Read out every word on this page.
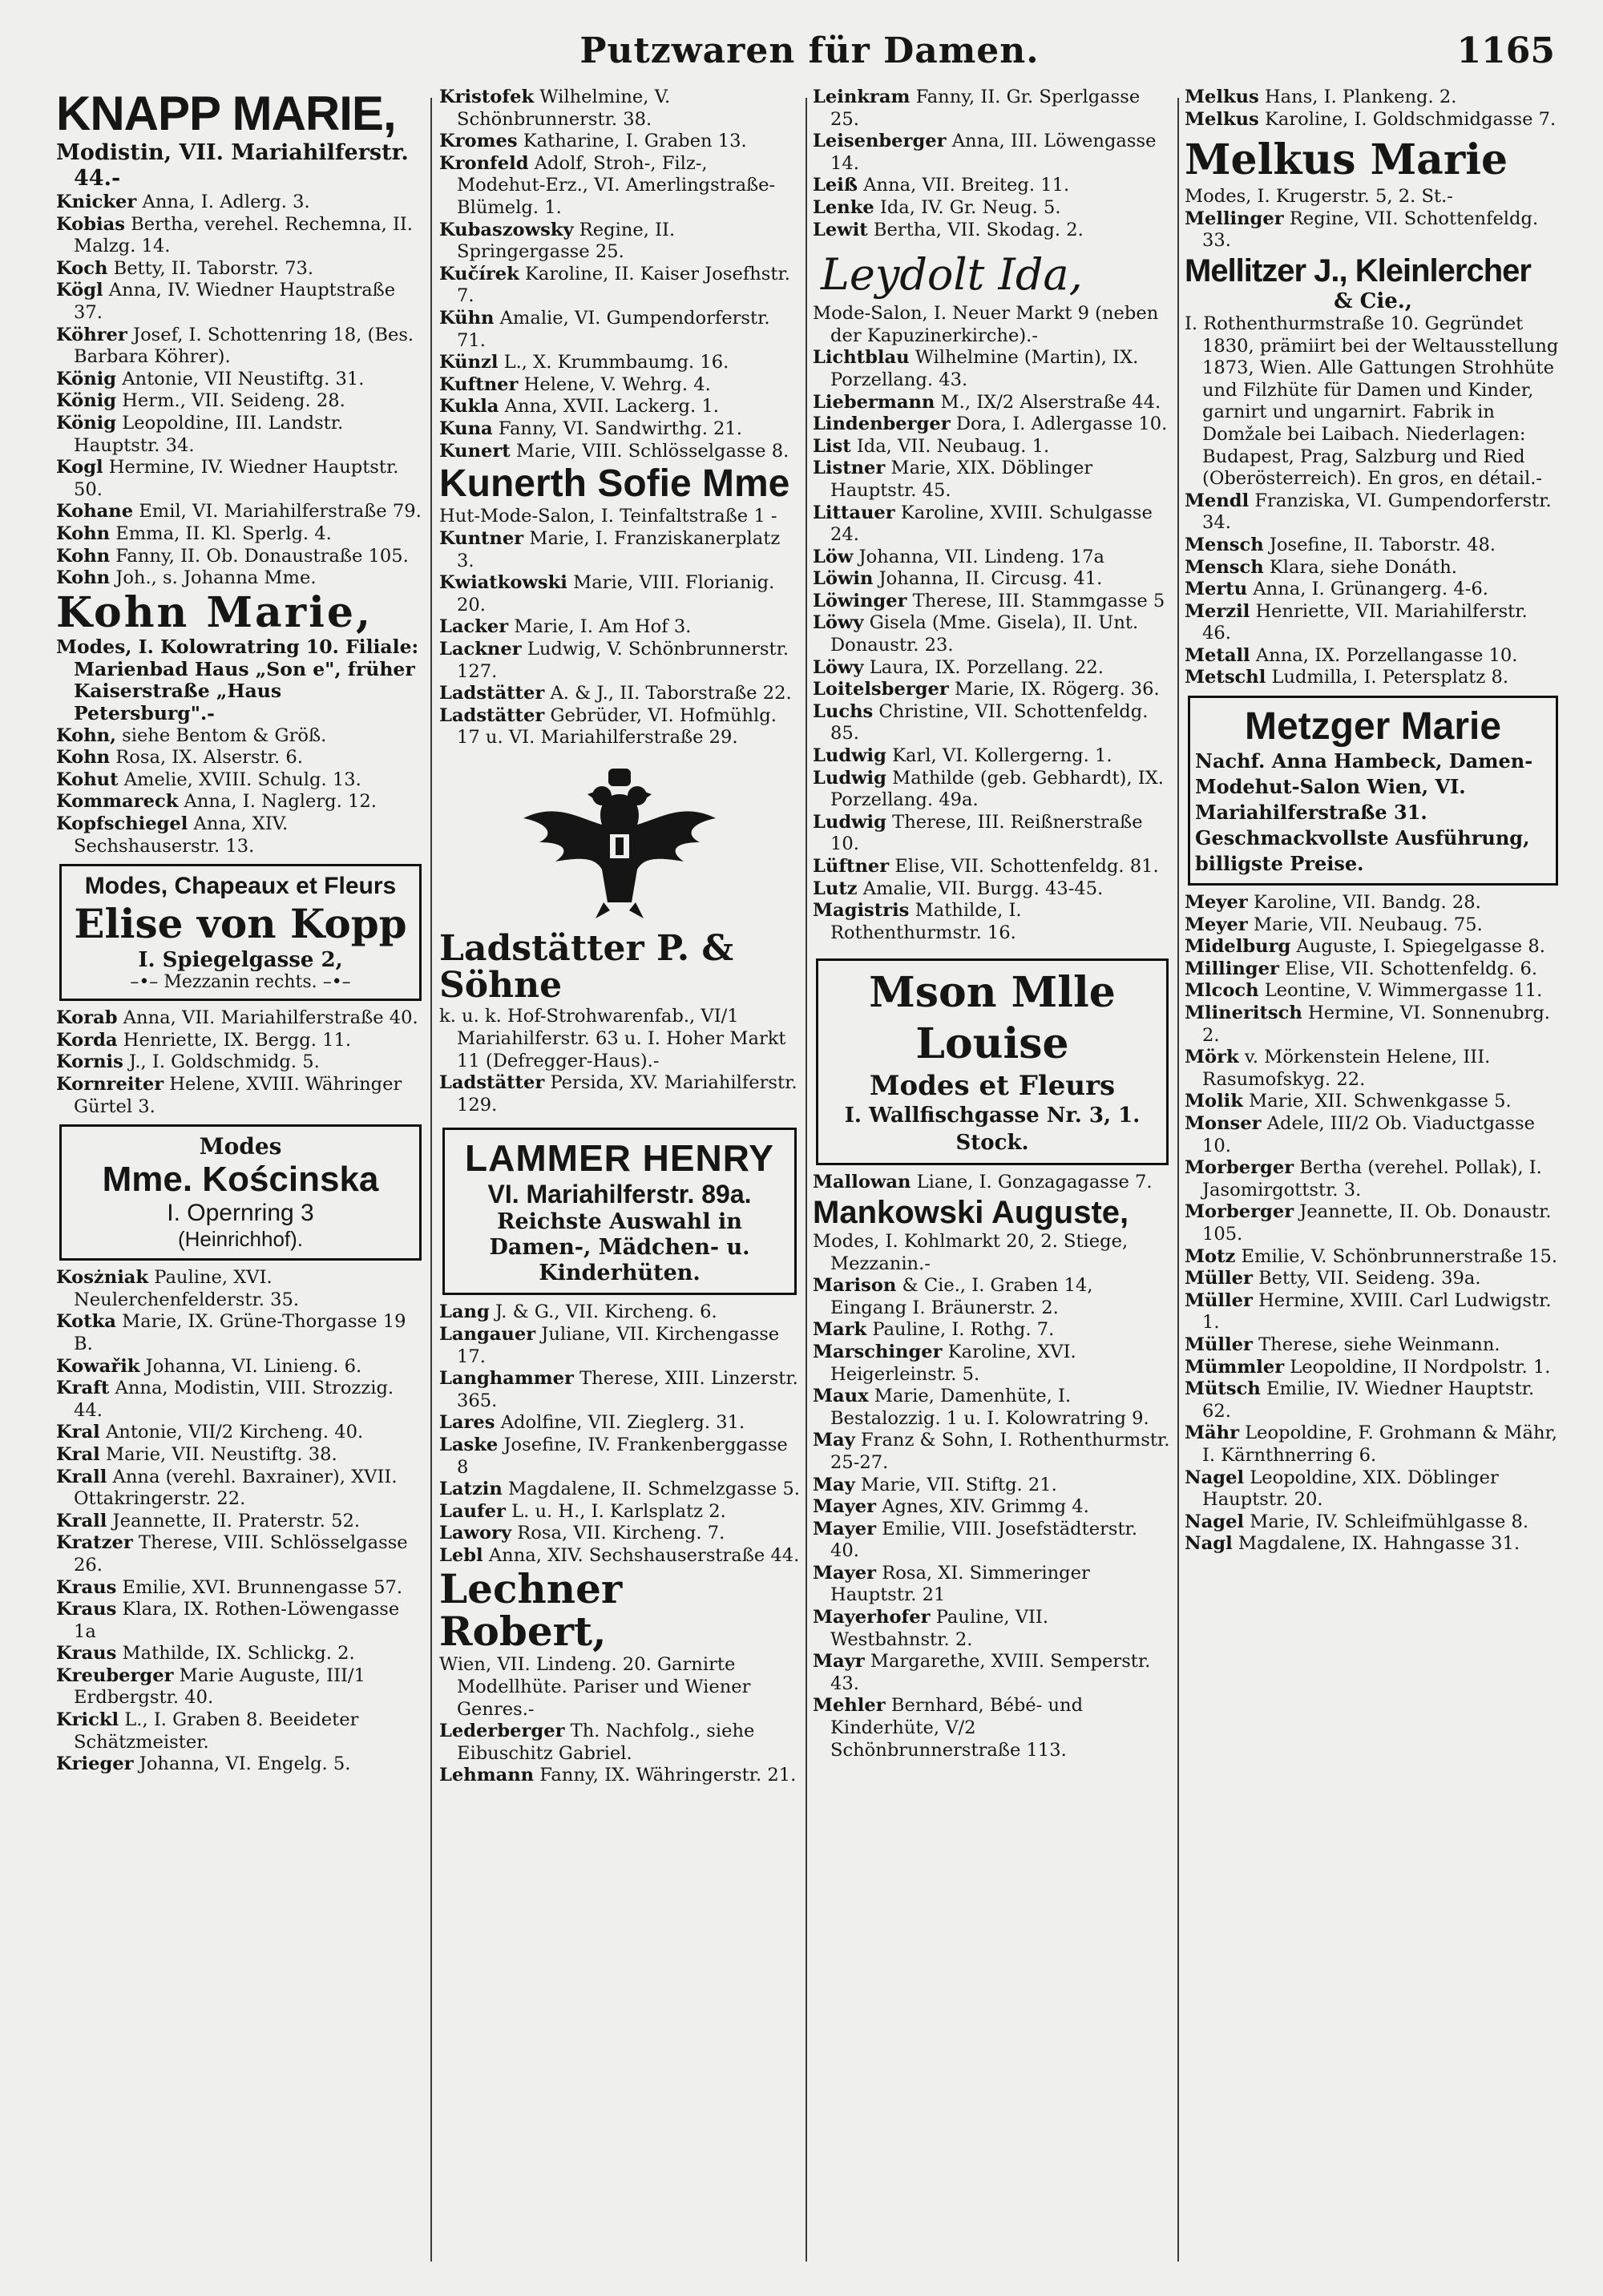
Putzwaren für Damen.	1165
KNAPP MARIE,
Modistin, VII. Mariahilferstr. 44.-
Knicker Anna, I. Adlerg. 3.
Kobias Bertha, verehel. Rechemna, II. Malzg. 14.
Koch Betty, II. Taborstr. 73.
Kögl Anna, IV. Wiedner Hauptstraße 37.
Köhrer Josef, I. Schottenring 18, (Bes. Barbara Köhrer).
König Antonie, VII Neustiftg. 31.
König Herm., VII. Seideng. 28.
König Leopoldine, III. Landstr. Hauptstr. 34.
Kogl Hermine, IV. Wiedner Hauptstr. 50.
Kohane Emil, VI. Mariahilferstraße 79.
Kohn Emma, II. Kl. Sperlg. 4.
Kohn Fanny, II. Ob. Donaustraße 105.
Kohn Joh., s. Johanna Mme.
Kohn Marie,
Modes, I. Kolowratring 10. Filiale: Marienbad Haus „Son e", früher Kaiserstraße „Haus Petersburg".-
Kohn, siehe Bentom & Größ.
Kohn Rosa, IX. Alserstr. 6.
Kohut Amelie, XVIII. Schulg. 13.
Kommareck Anna, I. Naglerg. 12.
Kopfschiegel Anna, XIV. Sechshauserstr. 13.
Modes, Chapeaux et Fleurs
Elise von Kopp
I. Spiegelgasse 2,
–•– Mezzanin rechts. –•–
Korab Anna, VII. Mariahilferstraße 40.
Korda Henriette, IX. Bergg. 11.
Kornis J., I. Goldschmidg. 5.
Kornreiter Helene, XVIII. Währinger Gürtel 3.
Modes
Mme. Kościnska
I. Opernring 3
(Heinrichhof).
Kosżniak Pauline, XVI. Neulerchenfelderstr. 35.
Kotka Marie, IX. Grüne-Thorgasse 19 B.
Kowařik Johanna, VI. Linieng. 6.
Kraft Anna, Modistin, VIII. Strozzig. 44.
Kral Antonie, VII/2 Kircheng. 40.
Kral Marie, VII. Neustiftg. 38.
Krall Anna (verehl. Baxrainer), XVII. Ottakringerstr. 22.
Krall Jeannette, II. Praterstr. 52.
Kratzer Therese, VIII. Schlösselgasse 26.
Kraus Emilie, XVI. Brunnengasse 57.
Kraus Klara, IX. Rothen-Löwengasse 1a
Kraus Mathilde, IX. Schlickg. 2.
Kreuberger Marie Auguste, III/1 Erdbergstr. 40.
Krickl L., I. Graben 8. Beeideter Schätzmeister.
Krieger Johanna, VI. Engelg. 5.
Kristofek Wilhelmine, V. Schönbrunnerstr. 38.
Kromes Katharine, I. Graben 13.
Kronfeld Adolf, Stroh-, Filz-, Modehut-Erz., VI. Amerlingstraße-Blümelg. 1.
Kubaszowsky Regine, II. Springergasse 25.
Kučírek Karoline, II. Kaiser Josefhstr. 7.
Kühn Amalie, VI. Gumpendorferstr. 71.
Künzl L., X. Krummbaumg. 16.
Kuftner Helene, V. Wehrg. 4.
Kukla Anna, XVII. Lackerg. 1.
Kuna Fanny, VI. Sandwirthg. 21.
Kunert Marie, VIII. Schlösselgasse 8.
Kunerth Sofie Mme
Hut-Mode-Salon, I. Teinfaltstraße 1 -
Kuntner Marie, I. Franziskanerplatz 3.
Kwiatkowski Marie, VIII. Florianig. 20.
Lacker Marie, I. Am Hof 3.
Lackner Ludwig, V. Schönbrunnerstr. 127.
Ladstätter A. & J., II. Taborstraße 22.
Ladstätter Gebrüder, VI. Hofmühlg. 17 u. VI. Mariahilferstraße 29.
Ladstätter P. & Söhne
k. u. k. Hof-Strohwarenfab., VI/1 Mariahilferstr. 63 u. I. Hoher Markt 11 (Defregger-Haus).-
Ladstätter Persida, XV. Mariahilferstr. 129.
LAMMER HENRY
VI. Mariahilferstr. 89a.
Reichste Auswahl in Damen-, Mädchen- u. Kinderhüten.
Lang J. & G., VII. Kircheng. 6.
Langauer Juliane, VII. Kirchengasse 17.
Langhammer Therese, XIII. Linzerstr. 365.
Lares Adolfine, VII. Zieglerg. 31.
Laske Josefine, IV. Frankenberggasse 8
Latzin Magdalene, II. Schmelzgasse 5.
Laufer L. u. H., I. Karlsplatz 2.
Lawory Rosa, VII. Kircheng. 7.
Lebl Anna, XIV. Sechshauserstraße 44.
Lechner Robert,
Wien, VII. Lindeng. 20. Garnirte Modellhüte. Pariser und Wiener Genres.-
Lederberger Th. Nachfolg., siehe Eibuschitz Gabriel.
Lehmann Fanny, IX. Währingerstr. 21.
Leinkram Fanny, II. Gr. Sperlgasse 25.
Leisenberger Anna, III. Löwengasse 14.
Leiß Anna, VII. Breiteg. 11.
Lenke Ida, IV. Gr. Neug. 5.
Lewit Bertha, VII. Skodag. 2.
Leydolt Ida,
Mode-Salon, I. Neuer Markt 9 (neben der Kapuzinerkirche).-
Lichtblau Wilhelmine (Martin), IX. Porzellang. 43.
Liebermann M., IX/2 Alserstraße 44.
Lindenberger Dora, I. Adlergasse 10.
List Ida, VII. Neubaug. 1.
Listner Marie, XIX. Döblinger Hauptstr. 45.
Littauer Karoline, XVIII. Schulgasse 24.
Löw Johanna, VII. Lindeng. 17a
Löwin Johanna, II. Circusg. 41.
Löwinger Therese, III. Stammgasse 5
Löwy Gisela (Mme. Gisela), II. Unt. Donaustr. 23.
Löwy Laura, IX. Porzellang. 22.
Loitelsberger Marie, IX. Rögerg. 36.
Luchs Christine, VII. Schottenfeldg. 85.
Ludwig Karl, VI. Kollergerng. 1.
Ludwig Mathilde (geb. Gebhardt), IX. Porzellang. 49a.
Ludwig Therese, III. Reißnerstraße 10.
Lüftner Elise, VII. Schottenfeldg. 81.
Lutz Amalie, VII. Burgg. 43-45.
Magistris Mathilde, I. Rothenthurmstr. 16.
Mson Mlle Louise
Modes et Fleurs
I. Wallfischgasse Nr. 3, 1. Stock.
Mallowan Liane, I. Gonzagagasse 7.
Mankowski Auguste,
Modes, I. Kohlmarkt 20, 2. Stiege, Mezzanin.-
Marison & Cie., I. Graben 14, Eingang I. Bräunerstr. 2.
Mark Pauline, I. Rothg. 7.
Marschinger Karoline, XVI. Heigerleinstr. 5.
Maux Marie, Damenhüte, I. Bestalozzig. 1 u. I. Kolowratring 9.
May Franz & Sohn, I. Rothenthurmstr. 25-27.
May Marie, VII. Stiftg. 21.
Mayer Agnes, XIV. Grimmg 4.
Mayer Emilie, VIII. Josefstädterstr. 40.
Mayer Rosa, XI. Simmeringer Hauptstr. 21
Mayerhofer Pauline, VII. Westbahnstr. 2.
Mayr Margarethe, XVIII. Semperstr. 43.
Mehler Bernhard, Bébé- und Kinderhüte, V/2 Schönbrunnerstraße 113.
Melkus Hans, I. Plankeng. 2.
Melkus Karoline, I. Goldschmidgasse 7.
Melkus Marie
Modes, I. Krugerstr. 5, 2. St.-
Mellinger Regine, VII. Schottenfeldg. 33.
Mellitzer J., Kleinlercher
& Cie.,
I. Rothenthurmstraße 10. Gegründet 1830, prämiirt bei der Weltausstellung 1873, Wien. Alle Gattungen Strohhüte und Filzhüte für Damen und Kinder, garnirt und ungarnirt. Fabrik in Domžale bei Laibach. Niederlagen: Budapest, Prag, Salzburg und Ried (Oberösterreich). En gros, en détail.-
Mendl Franziska, VI. Gumpendorferstr. 34.
Mensch Josefine, II. Taborstr. 48.
Mensch Klara, siehe Donáth.
Mertu Anna, I. Grünangerg. 4-6.
Merzil Henriette, VII. Mariahilferstr. 46.
Metall Anna, IX. Porzellangasse 10.
Metschl Ludmilla, I. Petersplatz 8.
Metzger Marie
Nachf. Anna Hambeck, Damen-Modehut-Salon Wien, VI. Mariahilferstraße 31. Geschmackvollste Ausführung, billigste Preise.
Meyer Karoline, VII. Bandg. 28.
Meyer Marie, VII. Neubaug. 75.
Midelburg Auguste, I. Spiegelgasse 8.
Millinger Elise, VII. Schottenfeldg. 6.
Mlcoch Leontine, V. Wimmergasse 11.
Mlineritsch Hermine, VI. Sonnenubrg. 2.
Mörk v. Mörkenstein Helene, III. Rasumofskyg. 22.
Molik Marie, XII. Schwenkgasse 5.
Monser Adele, III/2 Ob. Viaductgasse 10.
Morberger Bertha (verehel. Pollak), I. Jasomirgottstr. 3.
Morberger Jeannette, II. Ob. Donaustr. 105.
Motz Emilie, V. Schönbrunnerstraße 15.
Müller Betty, VII. Seideng. 39a.
Müller Hermine, XVIII. Carl Ludwigstr. 1.
Müller Therese, siehe Weinmann.
Mümmler Leopoldine, II Nordpolstr. 1.
Mütsch Emilie, IV. Wiedner Hauptstr. 62.
Mähr Leopoldine, F. Grohmann & Mähr, I. Kärnthnerring 6.
Nagel Leopoldine, XIX. Döblinger Hauptstr. 20.
Nagel Marie, IV. Schleifmühlgasse 8.
Nagl Magdalene, IX. Hahngasse 31.
